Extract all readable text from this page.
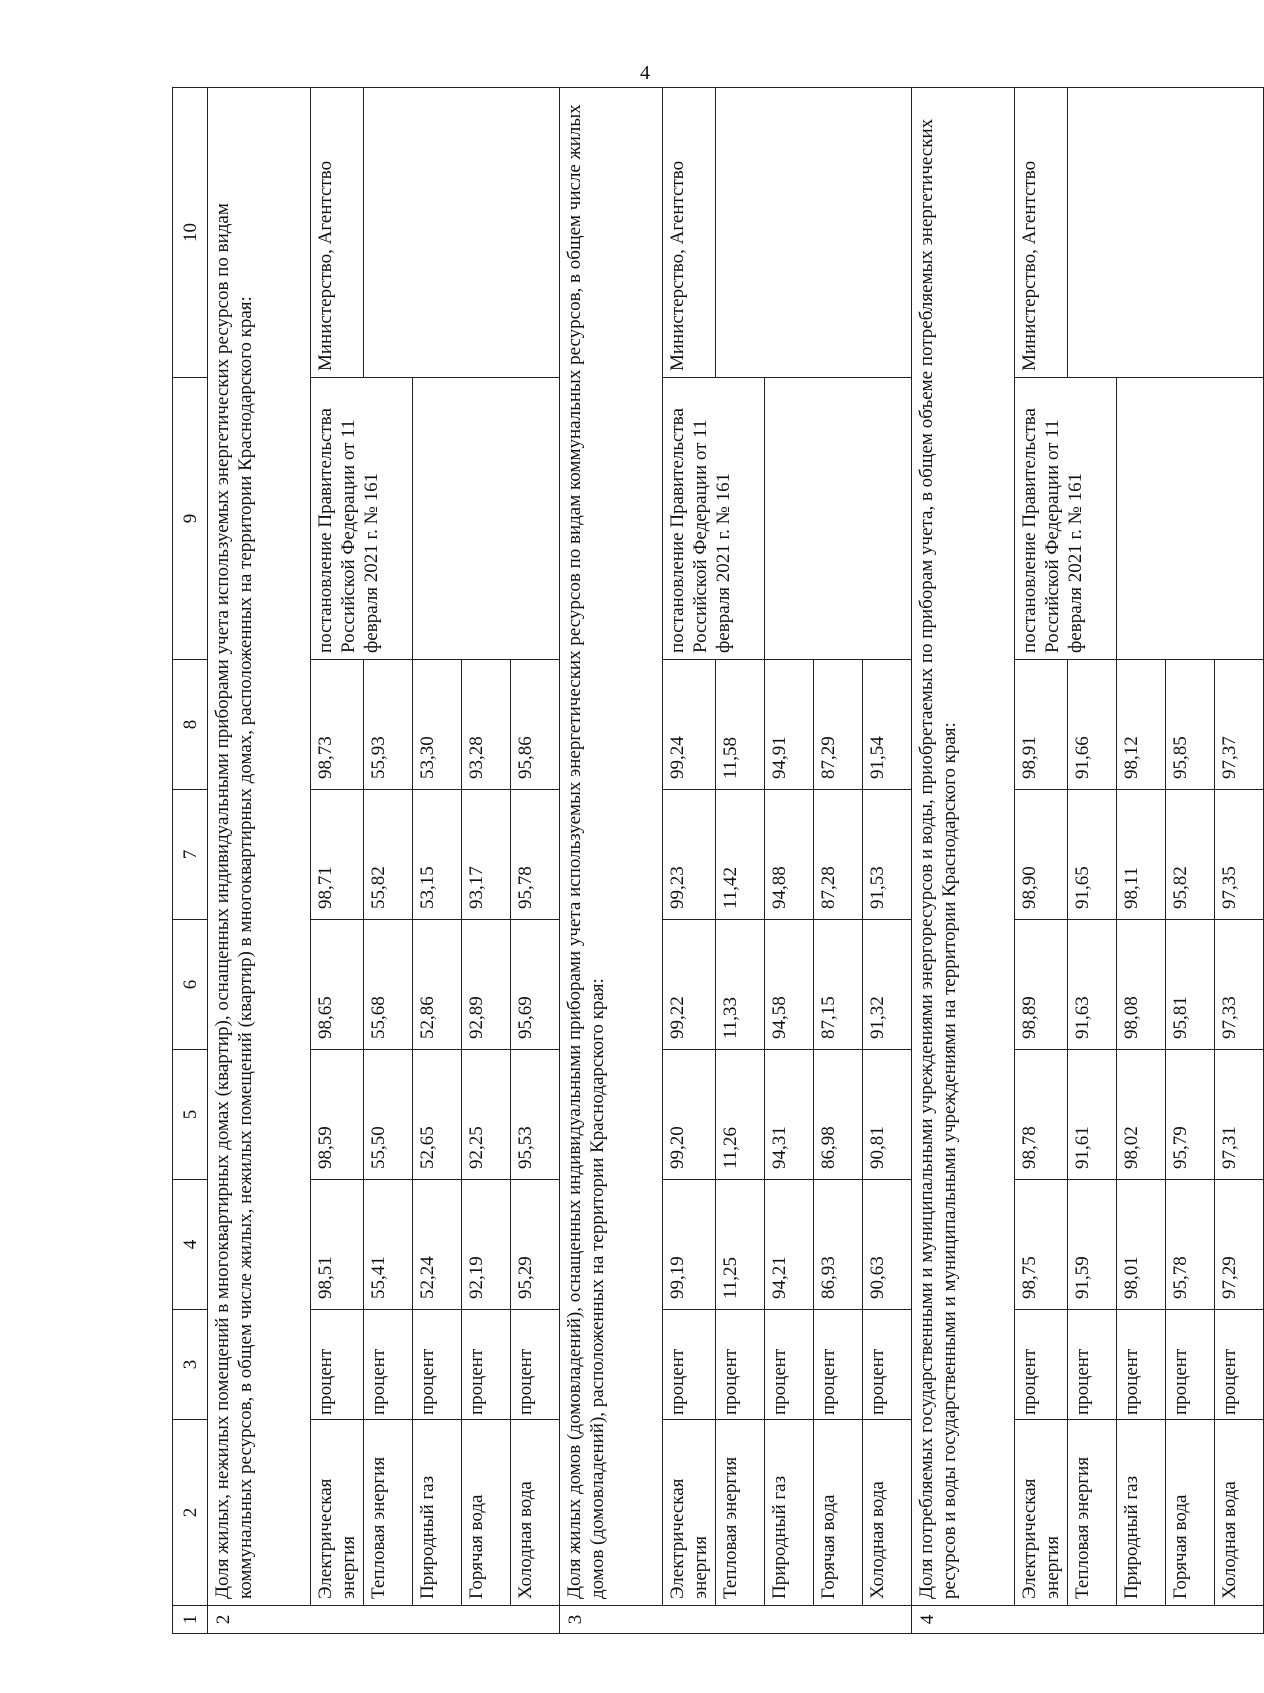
4
1	2	3	4	5	6	7	8	9	10
2	Доля жилых, нежилых помещений в многоквартирных домах (квартир), оснащенных индивидуальными приборами учета используемых энергетических ресурсов по видам коммунальных ресурсов, в общем числе жилых, нежилых помещений (квартир) в многоквартирных домах, расположенных на территории Краснодарского края:								
	Электрическая энергия	процент	98,51	98,59	98,65	98,71	98,73	постановление Правительства Российской Федерации от 11 февраля 2021 г. № 161	Министерство, Агентство
	Тепловая энергия	процент	55,41	55,50	55,68	55,82	55,93		
	Природный газ	процент	52,24	52,65	52,86	53,15	53,30		
	Горячая вода	процент	92,19	92,25	92,89	93,17	93,28		
	Холодная вода	процент	95,29	95,53	95,69	95,78	95,86		
3	Доля жилых домов (домовладений), оснащенных индивидуальными приборами учета используемых энергетических ресурсов по видам коммунальных ресурсов, в общем числе жилых домов (домовладений), расположенных на территории Краснодарского края:								
	Электрическая энергия	процент	99,19	99,20	99,22	99,23	99,24	постановление Правительства Российской Федерации от 11 февраля 2021 г. № 161	Министерство, Агентство
	Тепловая энергия	процент	11,25	11,26	11,33	11,42	11,58		
	Природный газ	процент	94,21	94,31	94,58	94,88	94,91		
	Горячая вода	процент	86,93	86,98	87,15	87,28	87,29		
	Холодная вода	процент	90,63	90,81	91,32	91,53	91,54		
4	Доля потребляемых государственными и муниципальными учреждениями энергоресурсов и воды, приобретаемых по приборам учета, в общем объеме потребляемых энергетических ресурсов и воды государственными и муниципальными учреждениями на территории Краснодарского края:								
	Электрическая энергия	процент	98,75	98,78	98,89	98,90	98,91	постановление Правительства Российской Федерации от 11 февраля 2021 г. № 161	Министерство, Агентство
	Тепловая энергия	процент	91,59	91,61	91,63	91,65	91,66		
	Природный газ	процент	98,01	98,02	98,08	98,11	98,12		
	Горячая вода	процент	95,78	95,79	95,81	95,82	95,85		
	Холодная вода	процент	97,29	97,31	97,33	97,35	97,37		
